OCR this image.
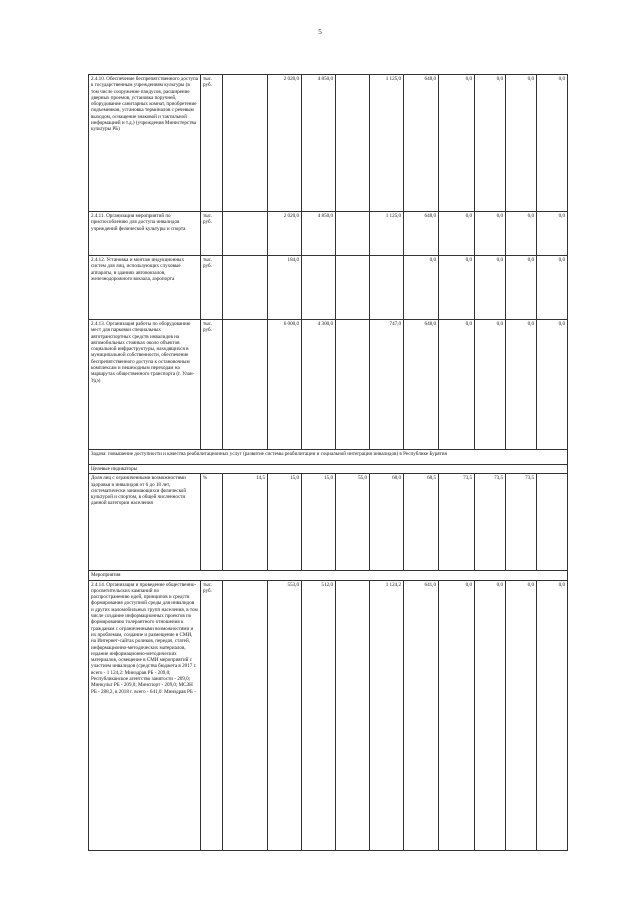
5
2.4.10. Обеспечение беспрепятственного доступа к государственным учреждениям культуры (в том числе сооружение пандусов, расширение дверных проемов, установка поручней, оборудование санитарных комнат, приобретение подъемников, установка терминалов с речевым выходом, оснащение знаковой и тактильной информацией и т.д.) (учреждения Министерства культуры РБ)	тыс. руб.		2 020,0	4 850,0		1 125,0	648,0	0,0	0,0	0,0	0,0
2.4.11. Организация мероприятий по приспособлению для доступа инвалидов учреждений физической культуры и спорта	тыс. руб.		2 020,0	4 850,0		1 125,0	648,0	0,0	0,0	0,0	0,0
2.4.12. Установка и монтаж индукционных систем для лиц, использующих слуховые аппараты, в зданиях автовокзалов, железнодорожного вокзала, аэропорта	тыс. руб.		184,0				0,0	0,0	0,0	0,0	0,0
2.4.13. Организация работы по оборудованию мест для парковки специальных автотранспортных средств инвалидов на автомобильных стоянках около объектов социальной инфраструктуры, находящихся в муниципальной собственности, обеспечение беспрепятственного доступа к остановочным комплексам и пешеходным переходам на маршрутах общественного транспорта (г. Улан-Удэ)	тыс. руб.		6 000,0	4 300,0		747,0	648,0	0,0	0,0	0,0	0,0
Задача: повышение доступности и качества реабилитационных услуг (развитие системы реабилитации и социальной интеграции инвалидов) в Республике Бурятия											
Целевые индикаторы											
Доля лиц с ограниченными возможностями здоровья и инвалидов от 6 до 18 лет, систематически занимающихся физической культурой и спортом, в общей численности данной категории населения	%	14,5	15,0	15,0	55,0	68,0	68,5	73,5	73,5	73,5	
Мероприятия											
2.4.14. Организация и проведение общественно-просветительских кампаний по распространению идей, принципов и средств формирования доступной среды для инвалидов и других маломобильных групп населения, в том числе создание информационных проектов по формированию толерантного отношения к гражданам с ограниченными возможностями и их проблемам, создание и размещение в СМИ, на Интернет-сайтах роликов, передач, статей, информационно-методических материалов, издание информационно-методических материалов, освещение в СМИ мероприятий с участием инвалидов (средства бюджета в 2017 г. всего - 1 124,2: Минздрав РБ - 209,0; Республиканское агентство занятости - 209,0; Минкульт РБ - 209,0; Минспорт - 209,0; МСЗН РБ - 288,2, в 2018 г. всего - 641,0: Минздрав РБ -	тыс. руб.		553,0	512,0		1 124,2	641,0	0,0	0,0	0,0	0,0
